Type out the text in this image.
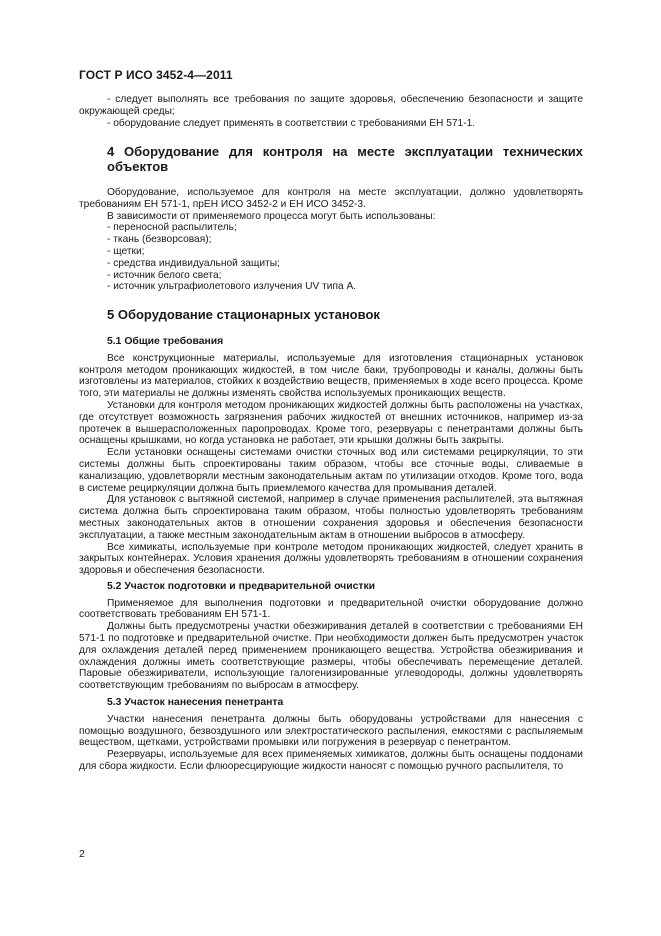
ГОСТ Р ИСО 3452-4—2011

- следует выполнять все требования по защите здоровья, обеспечению безопасности и защите окружающей среды;

- оборудование следует применять в соответствии с требованиями ЕН 571-1.

4 Оборудование для контроля на месте эксплуатации технических объектов

Оборудование, используемое для контроля на месте эксплуатации, должно удовлетворять требованиям ЕН 571-1, прЕН ИСО 3452-2 и ЕН ИСО 3452-3.

В зависимости от применяемого процесса могут быть использованы:

- переносной распылитель;

- ткань (безворсовая);

- щетки;

- средства индивидуальной защиты;

- источник белого света;

- источник ультрафиолетового излучения UV типа А.

5 Оборудование стационарных установок

5.1 Общие требования

Все конструкционные материалы, используемые для изготовления стационарных установок контроля методом проникающих жидкостей, в том числе баки, трубопроводы и каналы, должны быть изготовлены из материалов, стойких к воздействию веществ, применяемых в ходе всего процесса. Кроме того, эти материалы не должны изменять свойства используемых проникающих веществ.

Установки для контроля методом проникающих жидкостей должны быть расположены на участках, где отсутствует возможность загрязнения рабочих жидкостей от внешних источников, например из-за протечек в вышерасположенных паропроводах. Кроме того, резервуары с пенетрантами должны быть оснащены крышками, но когда установка не работает, эти крышки должны быть закрыты.

Если установки оснащены системами очистки сточных вод или системами рециркуляции, то эти системы должны быть спроектированы таким образом, чтобы все сточные воды, сливаемые в канализацию, удовлетворяли местным законодательным актам по утилизации отходов. Кроме того, вода в системе рециркуляции должна быть приемлемого качества для промывания деталей.

Для установок с вытяжной системой, например в случае применения распылителей, эта вытяжная система должна быть спроектирована таким образом, чтобы полностью удовлетворять требованиям местных законодательных актов в отношении сохранения здоровья и обеспечения безопасности эксплуатации, а также местным законодательным актам в отношении выбросов в атмосферу.

Все химикаты, используемые при контроле методом проникающих жидкостей, следует хранить в закрытых контейнерах. Условия хранения должны удовлетворять требованиям в отношении сохранения здоровья и обеспечения безопасности.

5.2 Участок подготовки и предварительной очистки

Применяемое для выполнения подготовки и предварительной очистки оборудование должно соответствовать требованиям ЕН 571-1.

Должны быть предусмотрены участки обезжиривания деталей в соответствии с требованиями ЕН 571-1 по подготовке и предварительной очистке. При необходимости должен быть предусмотрен участок для охлаждения деталей перед применением проникающего вещества. Устройства обезжиривания и охлаждения должны иметь соответствующие размеры, чтобы обеспечивать перемещение деталей. Паровые обезжириватели, использующие галогенизированные углеводороды, должны удовлетворять соответствующим требованиям по выбросам в атмосферу.

5.3 Участок нанесения пенетранта

Участки нанесения пенетранта должны быть оборудованы устройствами для нанесения с помощью воздушного, безвоздушного или электростатического распыления, емкостями с распыляемым веществом, щетками, устройствами промывки или погружения в резервуар с пенетрантом.

Резервуары, используемые для всех применяемых химикатов, должны быть оснащены поддонами для сбора жидкости. Если флюоресцирующие жидкости наносят с помощью ручного распылителя, то

2
